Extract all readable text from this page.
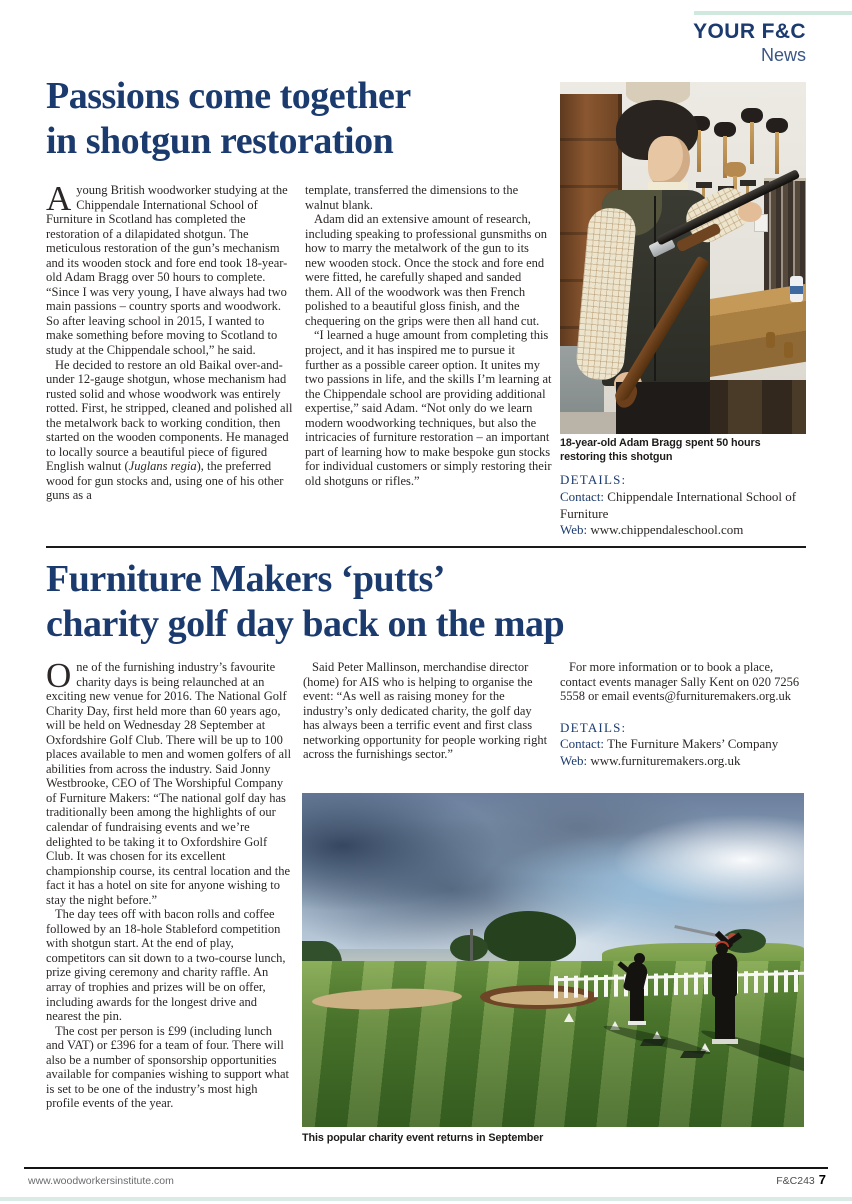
YOUR F&C
News
Passions come together
in shotgun restoration

Ayoung British woodworker studying at the Chippendale International School of Furniture in Scotland has completed the restoration of a dilapidated shotgun. The meticulous restoration of the gun’s mechanism and its wooden stock and fore end took 18-year-old Adam Bragg over 50 hours to complete. “Since I was very young, I have always had two main passions – country sports and woodwork. So after leaving school in 2015, I wanted to make something before moving to Scotland to study at the Chippendale school,” he said.

He decided to restore an old Baikal over-and-under 12-gauge shotgun, whose mechanism had rusted solid and whose woodwork was entirely rotted. First, he stripped, cleaned and polished all the metalwork back to working condition, then started on the wooden components. He managed to locally source a beautiful piece of figured English walnut (Juglans regia), the preferred wood for gun stocks and, using one of his other guns as a

template, transferred the dimensions to the walnut blank.

Adam did an extensive amount of research, including speaking to professional gunsmiths on how to marry the metalwork of the gun to its new wooden stock. Once the stock and fore end were fitted, he carefully shaped and sanded them. All of the woodwork was then French polished to a beautiful gloss finish, and the chequering on the grips were then all hand cut.

“I learned a huge amount from completing this project, and it has inspired me to pursue it further as a possible career option. It unites my two passions in life, and the skills I’m learning at the Chippendale school are providing additional expertise,” said Adam. “Not only do we learn modern woodworking techniques, but also the intricacies of furniture restoration – an important part of learning how to make bespoke gun stocks for individual customers or simply restoring their old shotguns or rifles.”

18-year-old Adam Bragg spent 50 hours restoring this shotgun
DETAILS:
Contact: Chippendale International School of Furniture
Web: www.chippendaleschool.com
Furniture Makers ‘putts’
charity golf day back on the map

One of the furnishing industry’s favourite charity days is being relaunched at an exciting new venue for 2016. The National Golf Charity Day, first held more than 60 years ago, will be held on Wednesday 28 September at Oxfordshire Golf Club. There will be up to 100 places available to men and women golfers of all abilities from across the industry. Said Jonny Westbrooke, CEO of The Worshipful Company of Furniture Makers: “The national golf day has traditionally been among the highlights of our calendar of fundraising events and we’re delighted to be taking it to Oxfordshire Golf Club. It was chosen for its excellent championship course, its central location and the fact it has a hotel on site for anyone wishing to stay the night before.”

The day tees off with bacon rolls and coffee followed by an 18-hole Stableford competition with shotgun start. At the end of play, competitors can sit down to a two-course lunch, prize giving ceremony and charity raffle. An array of trophies and prizes will be on offer, including awards for the longest drive and nearest the pin.

The cost per person is £99 (including lunch and VAT) or £396 for a team of four. There will also be a number of sponsorship opportunities available for companies wishing to support what is set to be one of the industry’s most high profile events of the year.

Said Peter Mallinson, merchandise director (home) for AIS who is helping to organise the event: “As well as raising money for the industry’s only dedicated charity, the golf day has always been a terrific event and first class networking opportunity for people working right across the furnishings sector.”

For more information or to book a place, contact events manager Sally Kent on 020 7256 5558 or email events@furnituremakers.org.uk

DETAILS:
Contact: The Furniture Makers’ Company
Web: www.furnituremakers.org.uk
This popular charity event returns in September
www.woodworkersinstitute.com	F&C243 7
